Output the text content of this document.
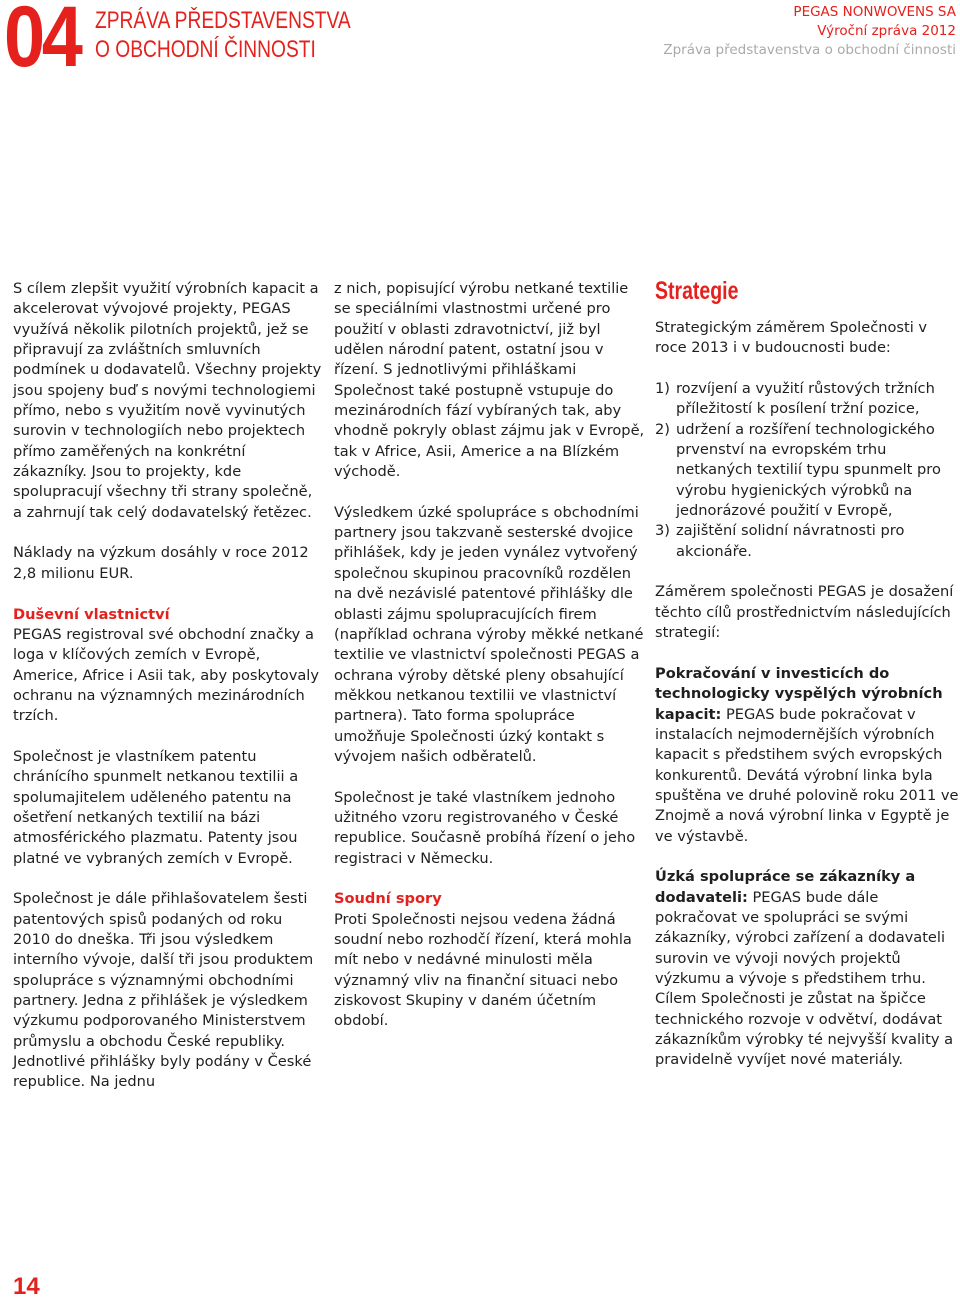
04 ZPRÁVA PŘEDSTAVENSTVA
O OBCHODNÍ ČINNOSTI
PEGAS NONWOVENS SA
Výroční zpráva 2012
Zpráva představenstva o obchodní činnosti

S cílem zlepšit využití výrobních kapacit a akcelerovat vývojové projekty, PEGAS využívá několik pilotních projektů, jež se připravují za zvláštních smluvních podmínek u dodavatelů. Všechny projekty jsou spojeny buď s novými technologiemi přímo, nebo s využitím nově vyvinutých surovin v technologiích nebo projektech přímo zaměřených na konkrétní zákazníky. Jsou to projekty, kde spolupracují všechny tři strany společně, a zahrnují tak celý dodavatelský řetězec.

Náklady na výzkum dosáhly v roce 2012 2,8 milionu EUR.

Duševní vlastnictví

PEGAS registroval své obchodní značky a loga v klíčových zemích v Evropě, Americe, Africe i Asii tak, aby poskytovaly ochranu na významných mezinárodních trzích.

Společnost je vlastníkem patentu chránícího spunmelt netkanou textilii a spolumajitelem uděleného patentu na ošetření netkaných textilií na bázi atmosférického plazmatu. Patenty jsou platné ve vybraných zemích v Evropě.

Společnost je dále přihlašovatelem šesti patentových spisů podaných od roku 2010 do dneška. Tři jsou výsledkem interního vývoje, další tři jsou produktem spolupráce s významnými obchodními partnery. Jedna z přihlášek je výsledkem výzkumu podporovaného Ministerstvem průmyslu a obchodu České republiky. Jednotlivé přihlášky byly podány v České republice. Na jednu

z nich, popisující výrobu netkané textilie se speciálními vlastnostmi určené pro použití v oblasti zdravotnictví, již byl udělen národní patent, ostatní jsou v řízení. S jednotlivými přihláškami Společnost také postupně vstupuje do mezinárodních fází vybíraných tak, aby vhodně pokryly oblast zájmu jak v Evropě, tak v Africe, Asii, Americe a na Blízkém východě.

Výsledkem úzké spolupráce s obchodními partnery jsou takzvaně sesterské dvojice přihlášek, kdy je jeden vynález vytvořený společnou skupinou pracovníků rozdělen na dvě nezávislé patentové přihlášky dle oblasti zájmu spolupracujících firem (například ochrana výroby měkké netkané textilie ve vlastnictví společnosti PEGAS a ochrana výroby dětské pleny obsahující měkkou netkanou textilii ve vlastnictví partnera). Tato forma spolupráce umožňuje Společnosti úzký kontakt s vývojem našich odběratelů.

Společnost je také vlastníkem jednoho užitného vzoru registrovaného v České republice. Současně probíhá řízení o jeho registraci v Německu.

Soudní spory

Proti Společnosti nejsou vedena žádná soudní nebo rozhodčí řízení, která mohla mít nebo v nedávné minulosti měla významný vliv na finanční situaci nebo ziskovost Skupiny v daném účetním období.

Strategie

Strategickým záměrem Společnosti v roce 2013 i v budoucnosti bude:

1) rozvíjení a využití růstových tržních příležitostí k posílení tržní pozice,
2) udržení a rozšíření technologického prvenství na evropském trhu netkaných textilií typu spunmelt pro výrobu hygienických výrobků na jednorázové použití v Evropě,
3) zajištění solidní návratnosti pro akcionáře.

Záměrem společnosti PEGAS je dosažení těchto cílů prostřednictvím následujících strategií:

Pokračování v investicích do technologicky vyspělých výrobních kapacit: PEGAS bude pokračovat v instalacích nejmodernějších výrobních kapacit s předstihem svých evropských konkurentů. Devátá výrobní linka byla spuštěna ve druhé polovině roku 2011 ve Znojmě a nová výrobní linka v Egyptě je ve výstavbě.

Úzká spolupráce se zákazníky a dodavateli: PEGAS bude dále pokračovat ve spolupráci se svými zákazníky, výrobci zařízení a dodavateli surovin ve vývoji nových projektů výzkumu a vývoje s předstihem trhu. Cílem Společnosti je zůstat na špičce technického rozvoje v odvětví, dodávat zákazníkům výrobky té nejvyšší kvality a pravidelně vyvíjet nové materiály.

14
